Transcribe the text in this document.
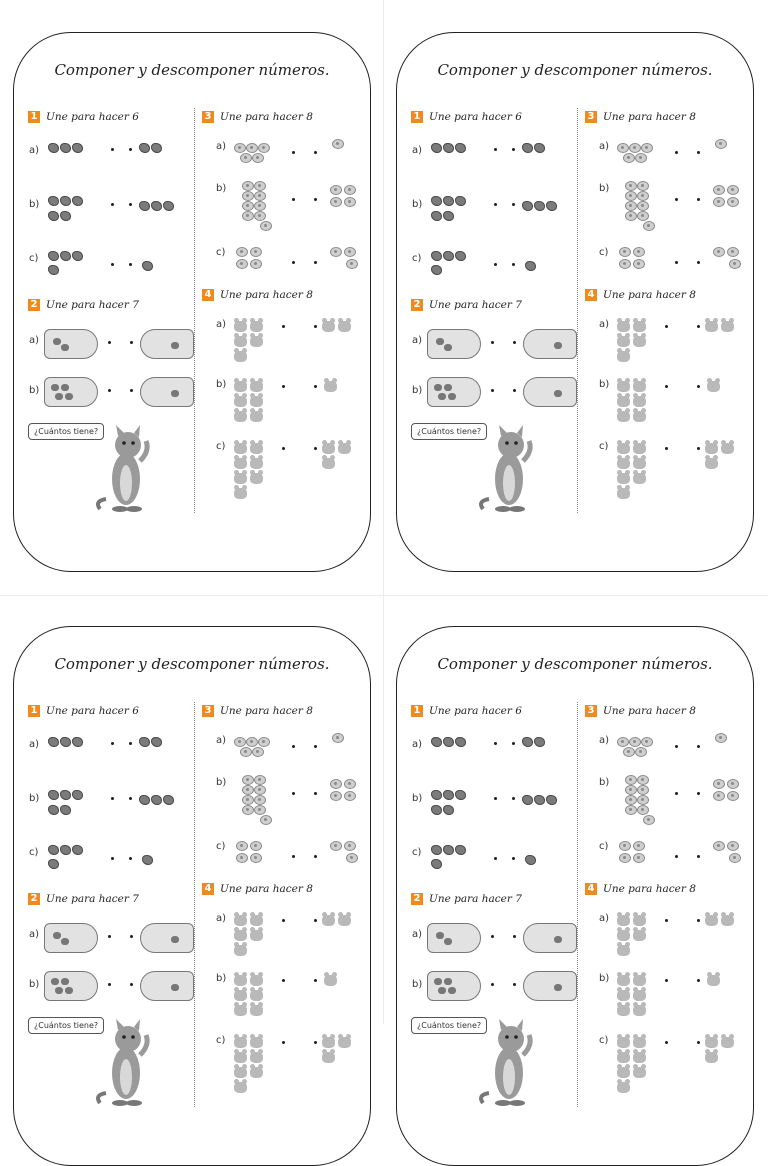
Componer y descomponer números.
1 Une para hacer 6
2 Une para hacer 7
3 Une para hacer 8
4 Une para hacer 8
a)
b)
c)
a)
b)
a)
b)
c)
a)
b)
c)
¿Cuántos tiene?
Componer y descomponer números.
1 Une para hacer 6
2 Une para hacer 7
3 Une para hacer 8
4 Une para hacer 8
a)
b)
c)
a)
b)
a)
b)
c)
a)
b)
c)
¿Cuántos tiene?
Componer y descomponer números.
1 Une para hacer 6
2 Une para hacer 7
3 Une para hacer 8
4 Une para hacer 8
a)
b)
c)
a)
b)
a)
b)
c)
a)
b)
c)
¿Cuántos tiene?
Componer y descomponer números.
1 Une para hacer 6
2 Une para hacer 7
3 Une para hacer 8
4 Une para hacer 8
a)
b)
c)
a)
b)
a)
b)
c)
a)
b)
c)
¿Cuántos tiene?
